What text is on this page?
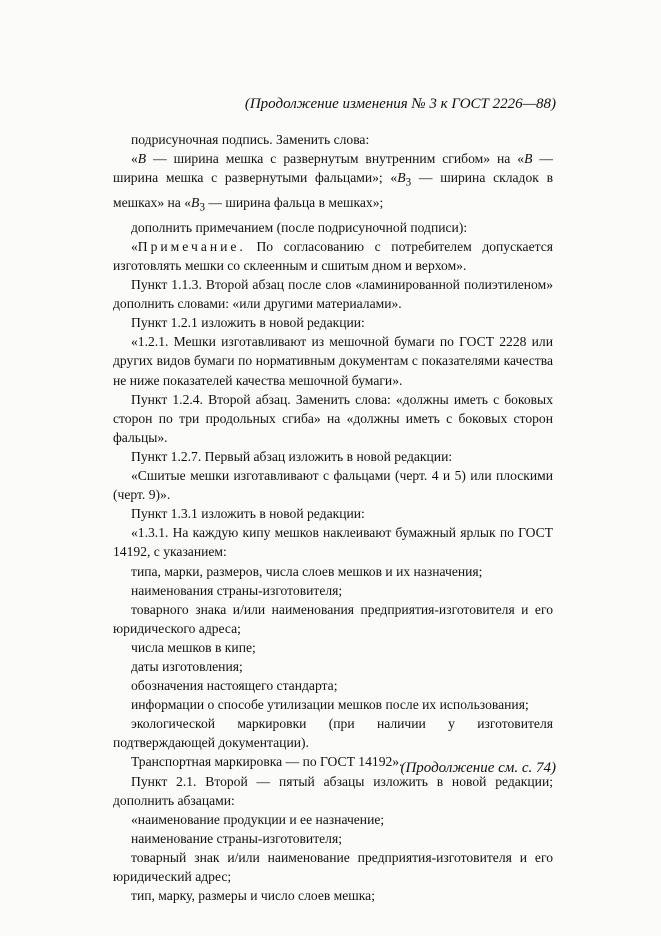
(Продолжение изменения № 3 к ГОСТ 2226—88)

подрисуночная подпись. Заменить слова:

«B — ширина мешка с развернутым внутренним сгибом» на «B — ширина мешка с развернутыми фальцами»; «$B_3$ — ширина складок в мешках» на «$B_3$ — ширина фальца в мешках»;

дополнить примечанием (после подрисуночной подписи):

«Примечание. По согласованию с потребителем допускается изготовлять мешки со склеенным и сшитым дном и верхом».

Пункт 1.1.3. Второй абзац после слов «ламинированной полиэтиленом» дополнить словами: «или другими материалами».

Пункт 1.2.1 изложить в новой редакции:

«1.2.1. Мешки изготавливают из мешочной бумаги по ГОСТ 2228 или других видов бумаги по нормативным документам с показателями качества не ниже показателей качества мешочной бумаги».

Пункт 1.2.4. Второй абзац. Заменить слова: «должны иметь с боковых сторон по три продольных сгиба» на «должны иметь с боковых сторон фальцы».

Пункт 1.2.7. Первый абзац изложить в новой редакции:

«Сшитые мешки изготавливают с фальцами (черт. 4 и 5) или плоскими (черт. 9)».

Пункт 1.3.1 изложить в новой редакции:

«1.3.1. На каждую кипу мешков наклеивают бумажный ярлык по ГОСТ 14192, с указанием:

типа, марки, размеров, числа слоев мешков и их назначения;

наименования страны-изготовителя;

товарного знака и/или наименования предприятия-изготовителя и его юридического адреса;

числа мешков в кипе;

даты изготовления;

обозначения настоящего стандарта;

информации о способе утилизации мешков после их использования;

экологической маркировки (при наличии у изготовителя подтверждающей документации).

Транспортная маркировка — по ГОСТ 14192».

Пункт 2.1. Второй — пятый абзацы изложить в новой редакции; дополнить абзацами:

«наименование продукции и ее назначение;

наименование страны-изготовителя;

товарный знак и/или наименование предприятия-изготовителя и его юридический адрес;

тип, марку, размеры и число слоев мешка;

(Продолжение см. с. 74)
